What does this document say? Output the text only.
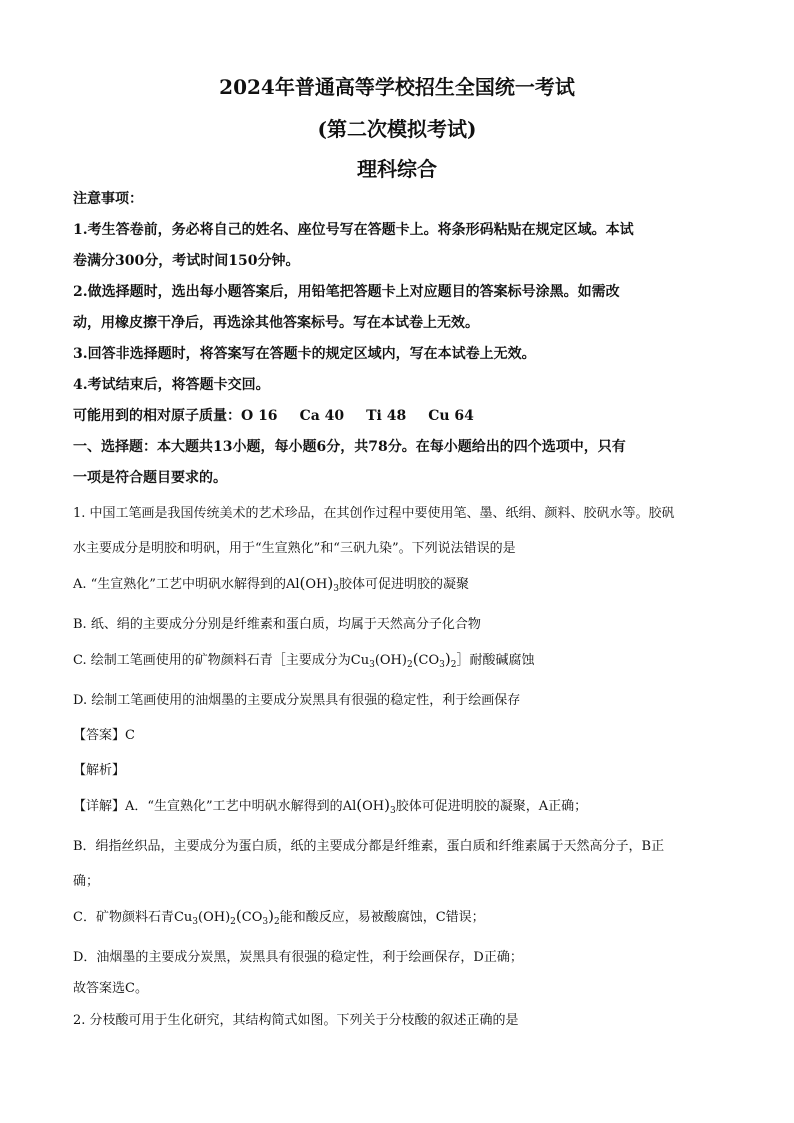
2024年普通高等学校招生全国统一考试
(第二次模拟考试)
理科综合
注意事项：
1.考生答卷前，务必将自己的姓名、座位号写在答题卡上。将条形码粘贴在规定区域。本试
卷满分300分，考试时间150分钟。
2.做选择题时，选出每小题答案后，用铅笔把答题卡上对应题目的答案标号涂黑。如需改
动，用橡皮擦干净后，再选涂其他答案标号。写在本试卷上无效。
3.回答非选择题时，将答案写在答题卡的规定区域内，写在本试卷上无效。
4.考试结束后，将答题卡交回。
可能用到的相对原子质量：O 16 Ca 40 Ti 48 Cu 64
一、选择题：本大题共13小题，每小题6分，共78分。在每小题给出的四个选项中，只有
一项是符合题目要求的。
1. 中国工笔画是我国传统美术的艺术珍品，在其创作过程中要使用笔、墨、纸绢、颜料、胶矾水等。胶矾
水主要成分是明胶和明矾，用于“生宣熟化”和“三矾九染”。下列说法错误的是
A. “生宣熟化”工艺中明矾水解得到的$Al(OH)_3$胶体可促进明胶的凝聚
B. 纸、绢的主要成分分别是纤维素和蛋白质，均属于天然高分子化合物
C. 绘制工笔画使用的矿物颜料石青［主要成分为$Cu_3(OH)_2(CO_3)_2]$耐酸碱腐蚀
D. 绘制工笔画使用的油烟墨的主要成分炭黑具有很强的稳定性，利于绘画保存
【答案】C
【解析】
【详解】A．“生宣熟化”工艺中明矾水解得到的$Al(OH)_3$胶体可促进明胶的凝聚，A正确；
B．绢指丝织品，主要成分为蛋白质，纸的主要成分都是纤维素，蛋白质和纤维素属于天然高分子，B正
确；
C．矿物颜料石青$Cu_3(OH)_2(CO_3)_2$能和酸反应，易被酸腐蚀，C错误；
D．油烟墨的主要成分炭黑，炭黑具有很强的稳定性，利于绘画保存，D正确；
故答案选C。
2. 分枝酸可用于生化研究，其结构简式如图。下列关于分枝酸的叙述正确的是
